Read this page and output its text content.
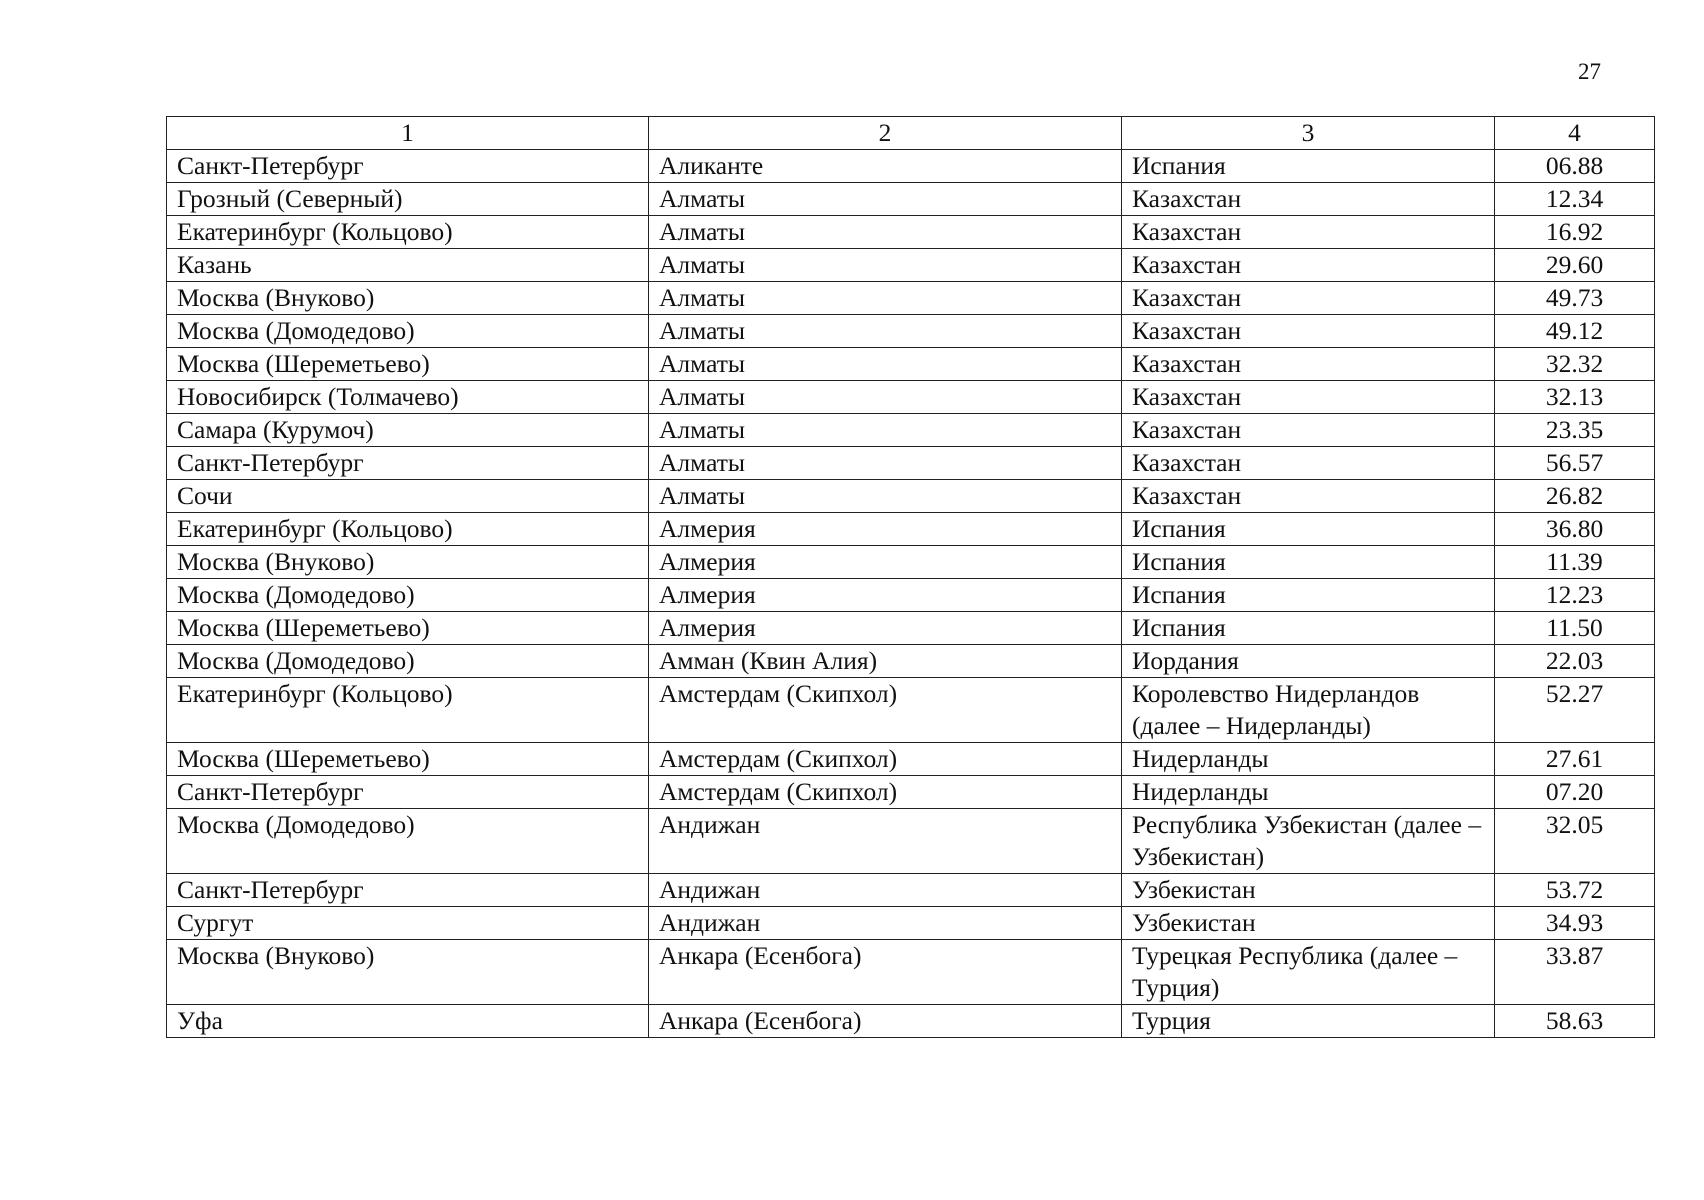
27
1	2	3	4
Санкт-Петербург	Аликанте	Испания	06.88
Грозный (Северный)	Алматы	Казахстан	12.34
Екатеринбург (Кольцово)	Алматы	Казахстан	16.92
Казань	Алматы	Казахстан	29.60
Москва (Внуково)	Алматы	Казахстан	49.73
Москва (Домодедово)	Алматы	Казахстан	49.12
Москва (Шереметьево)	Алматы	Казахстан	32.32
Новосибирск (Толмачево)	Алматы	Казахстан	32.13
Самара (Курумоч)	Алматы	Казахстан	23.35
Санкт-Петербург	Алматы	Казахстан	56.57
Сочи	Алматы	Казахстан	26.82
Екатеринбург (Кольцово)	Алмерия	Испания	36.80
Москва (Внуково)	Алмерия	Испания	11.39
Москва (Домодедово)	Алмерия	Испания	12.23
Москва (Шереметьево)	Алмерия	Испания	11.50
Москва (Домодедово)	Амман (Квин Алия)	Иордания	22.03
Екатеринбург (Кольцово)	Амстердам (Скипхол)	Королевство Нидерландов (далее – Нидерланды)	52.27
Москва (Шереметьево)	Амстердам (Скипхол)	Нидерланды	27.61
Санкт-Петербург	Амстердам (Скипхол)	Нидерланды	07.20
Москва (Домодедово)	Андижан	Республика Узбекистан (далее – Узбекистан)	32.05
Санкт-Петербург	Андижан	Узбекистан	53.72
Сургут	Андижан	Узбекистан	34.93
Москва (Внуково)	Анкара (Есенбога)	Турецкая Республика (далее – Турция)	33.87
Уфа	Анкара (Есенбога)	Турция	58.63
